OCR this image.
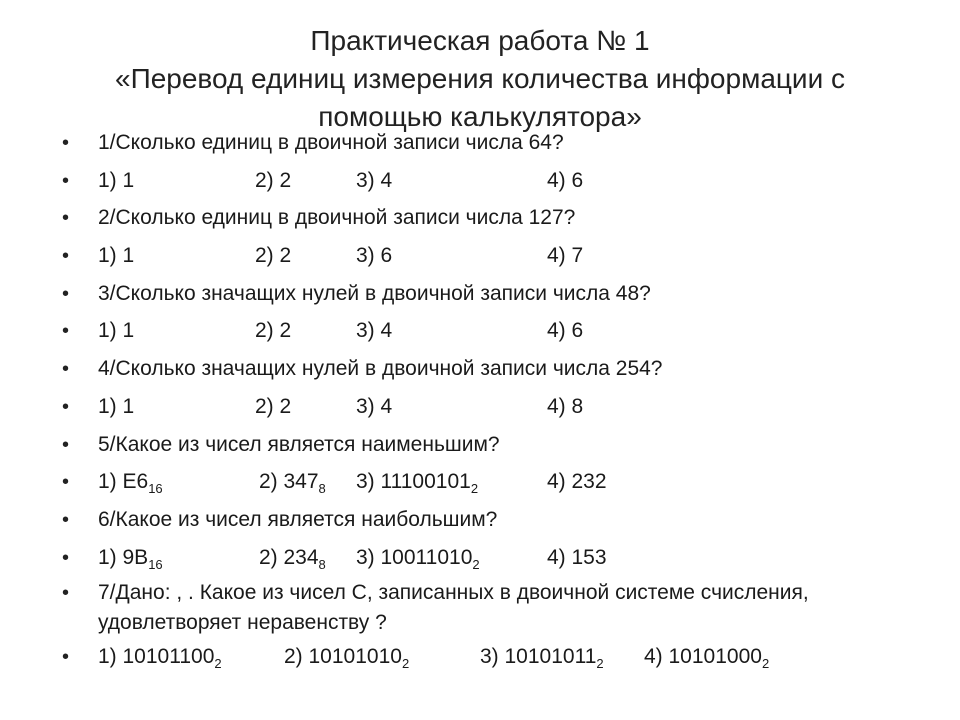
Практическая работа № 1
«Перевод единиц измерения количества информации с
помощью калькулятора»
• 1/Сколько единиц в двоичной записи числа 64?
• 1) 1	2) 2	3) 4	4) 6
• 2/Сколько единиц в двоичной записи числа 127?
• 1) 1	2) 2	3) 6	4) 7
• 3/Сколько значащих нулей в двоичной записи числа 48?
• 1) 1	2) 2	3) 4	4) 6
• 4/Сколько значащих нулей в двоичной записи числа 254?
• 1) 1	2) 2	3) 4	4) 8
• 5/Какое из чисел является наименьшим?
• 1) $E6_{16}$	2) $347_8$ 3) $11100101_2$	4) 232
• 6/Какое из чисел является наибольшим?
• 1) $9B_{16}$	2) $234_8$ 3) $10011010_2$	4) 153
• 7/Дано: , . Какое из чисел С, записанных в двоичной системе счисления, удовлетворяет неравенству ?
• 1) $10101100_2$	2) $10101010_2$	3) $10101011_2$ 4) $10101000_2$
